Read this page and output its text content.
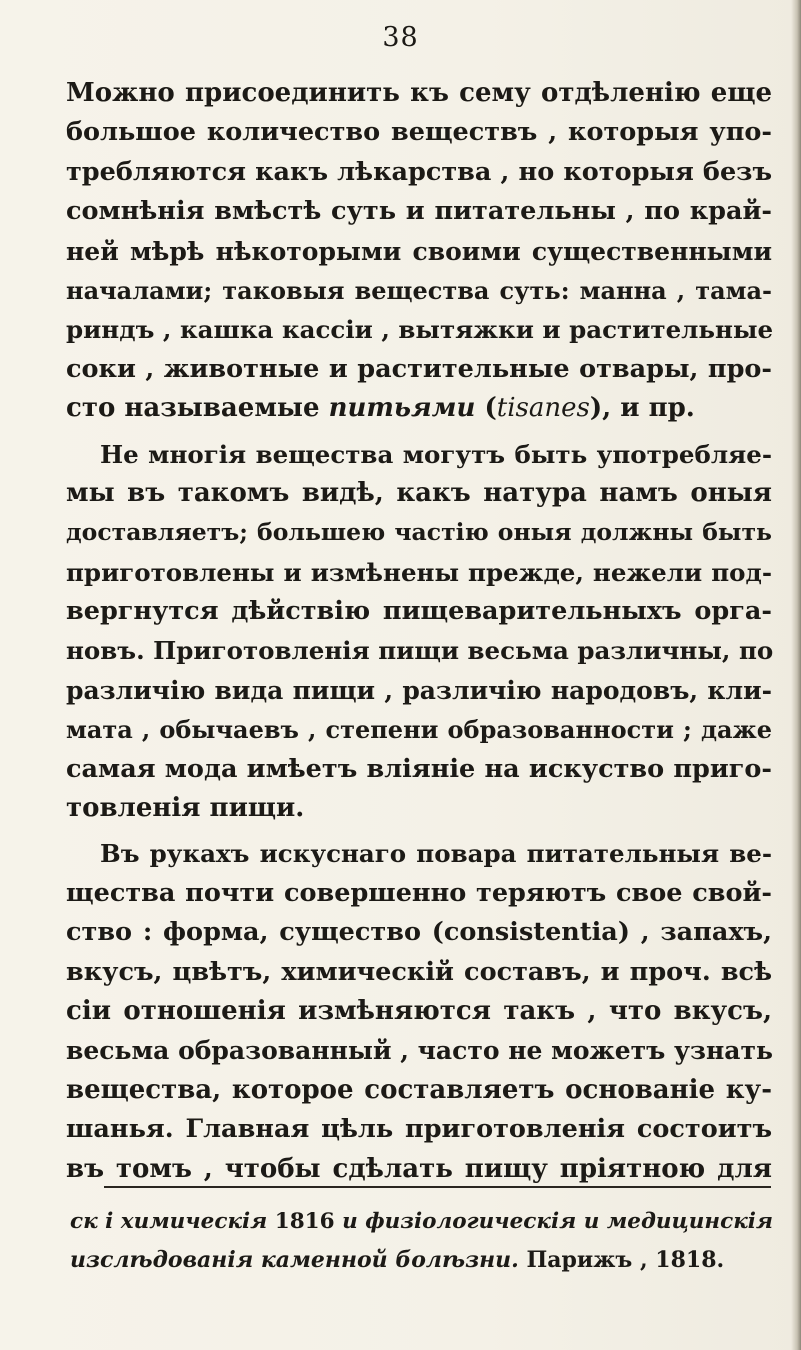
38
Можно присоединить къ сему отдѣленію еще
большое количество веществъ , которыя упо-
требляются какъ лѣкарства , но которыя безъ
сомнѣнія вмѣстѣ суть и питательны , по край-
ней мѣрѣ нѣкоторыми своими существенными
началами; таковыя вещества суть: манна , тама-
риндъ , кашка кассіи , вытяжки и растительные
соки , животные и растительные отвары, про-
сто называемые питьями (tisanes), и пр.
Не многія вещества могутъ быть употребляе-
мы въ такомъ видѣ, какъ натура намъ оныя
доставляетъ; большею частію оныя должны быть
приготовлены и измѣнены прежде, нежели под-
вергнутся дѣйствію пищеварительныхъ орга-
новъ. Приготовленія пищи весьма различны, по
различію вида пищи , различію народовъ, кли-
мата , обычаевъ , степени образованности ; даже
самая мода имѣетъ вліяніе на искуство приго-
товленія пищи.
Въ рукахъ искуснаго повара питательныя ве-
щества почти совершенно теряютъ свое свой-
ство : форма, существо (consistentia) , запахъ,
вкусъ, цвѣтъ, химическій составъ, и проч. всѣ
сіи отношенія измѣняются такъ , что вкусъ,
весьма образованный , часто не можетъ узнать
вещества, которое составляетъ основаніе ку-
шанья. Главная цѣль приготовленія состоитъ
въ томъ , чтобы сдѣлать пищу пріятною для
ск і химическія 1816 и физіологическія и медицинскія
изслѣдованія каменной болѣзни. Парижъ , 1818.
